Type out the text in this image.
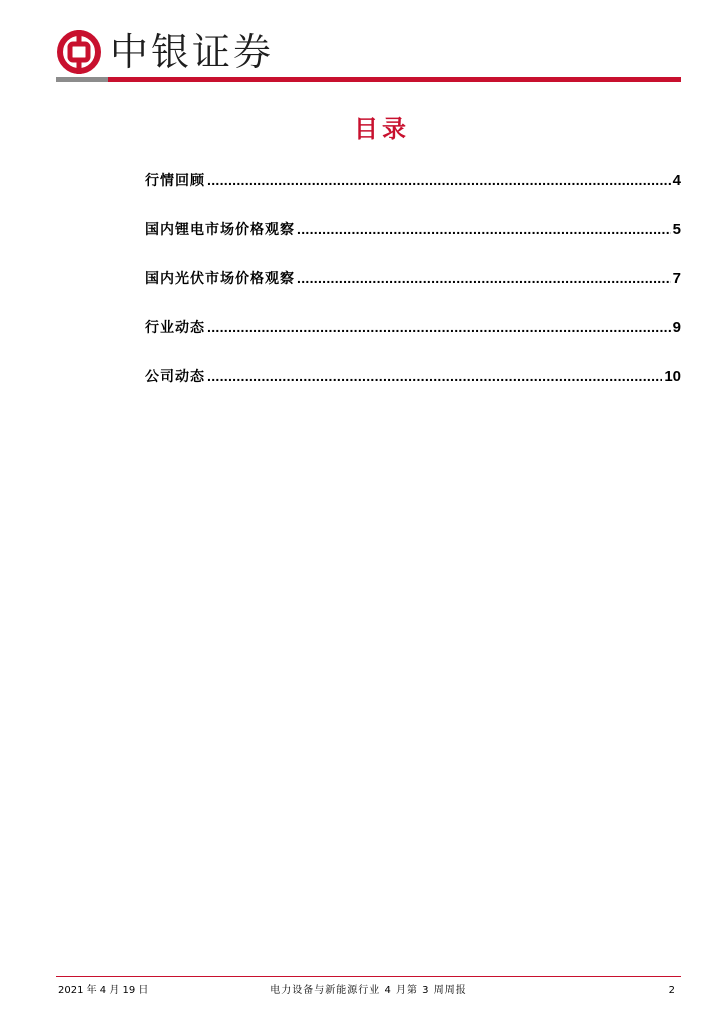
中银证券
目录
行情回顾 .....	4
国内锂电市场价格观察 .....	5
国内光伏市场价格观察 .....	7
行业动态 .....	9
公司动态 .....	10
2021 年 4 月 19 日	电力设备与新能源行业 4 月第 3 周周报	2
